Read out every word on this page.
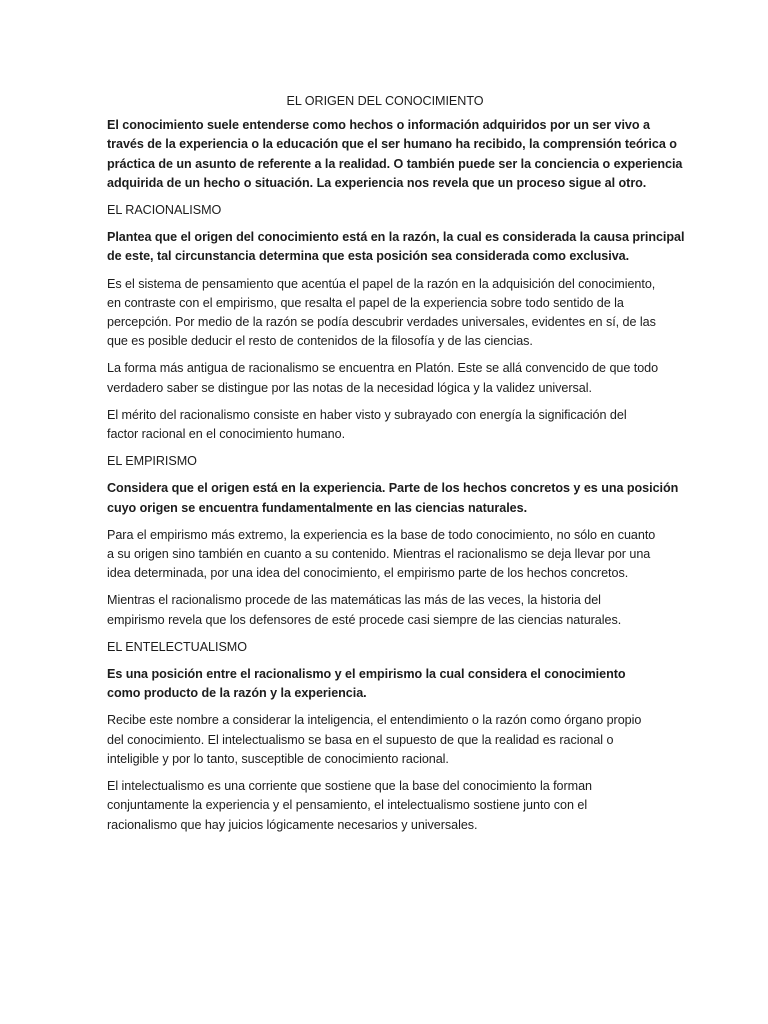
EL ORIGEN DEL CONOCIMIENTO
El conocimiento suele entenderse como hechos o información adquiridos por un ser vivo a
través de la experiencia o la educación que el ser humano ha recibido, la comprensión teórica o
práctica de un asunto de referente a la realidad. O también puede ser la conciencia o experiencia
adquirida de un hecho o situación. La experiencia nos revela que un proceso sigue al otro.
EL RACIONALISMO
Plantea que el origen del conocimiento está en la razón, la cual es considerada la causa principal
de este, tal circunstancia determina que esta posición sea considerada como exclusiva.
Es el sistema de pensamiento que acentúa el papel de la razón en la adquisición del conocimiento,
en contraste con el empirismo, que resalta el papel de la experiencia sobre todo sentido de la
percepción. Por medio de la razón se podía descubrir verdades universales, evidentes en sí, de las
que es posible deducir el resto de contenidos de la filosofía y de las ciencias.
La forma más antigua de racionalismo se encuentra en Platón. Este se allá convencido de que todo
verdadero saber se distingue por las notas de la necesidad lógica y la validez universal.
El mérito del racionalismo consiste en haber visto y subrayado con energía la significación del
factor racional en el conocimiento humano.
EL EMPIRISMO
Considera que el origen está en la experiencia. Parte de los hechos concretos y es una posición
cuyo origen se encuentra fundamentalmente en las ciencias naturales.
Para el empirismo más extremo, la experiencia es la base de todo conocimiento, no sólo en cuanto
a su origen sino también en cuanto a su contenido. Mientras el racionalismo se deja llevar por una
idea determinada, por una idea del conocimiento, el empirismo parte de los hechos concretos.
Mientras el racionalismo procede de las matemáticas las más de las veces, la historia del
empirismo revela que los defensores de esté procede casi siempre de las ciencias naturales.
EL ENTELECTUALISMO
Es una posición entre el racionalismo y el empirismo la cual considera el conocimiento
como producto de la razón y la experiencia.
Recibe este nombre a considerar la inteligencia, el entendimiento o la razón como órgano propio
del conocimiento. El intelectualismo se basa en el supuesto de que la realidad es racional o
inteligible y por lo tanto, susceptible de conocimiento racional.
El intelectualismo es una corriente que sostiene que la base del conocimiento la forman
conjuntamente la experiencia y el pensamiento, el intelectualismo sostiene junto con el
racionalismo que hay juicios lógicamente necesarios y universales.
